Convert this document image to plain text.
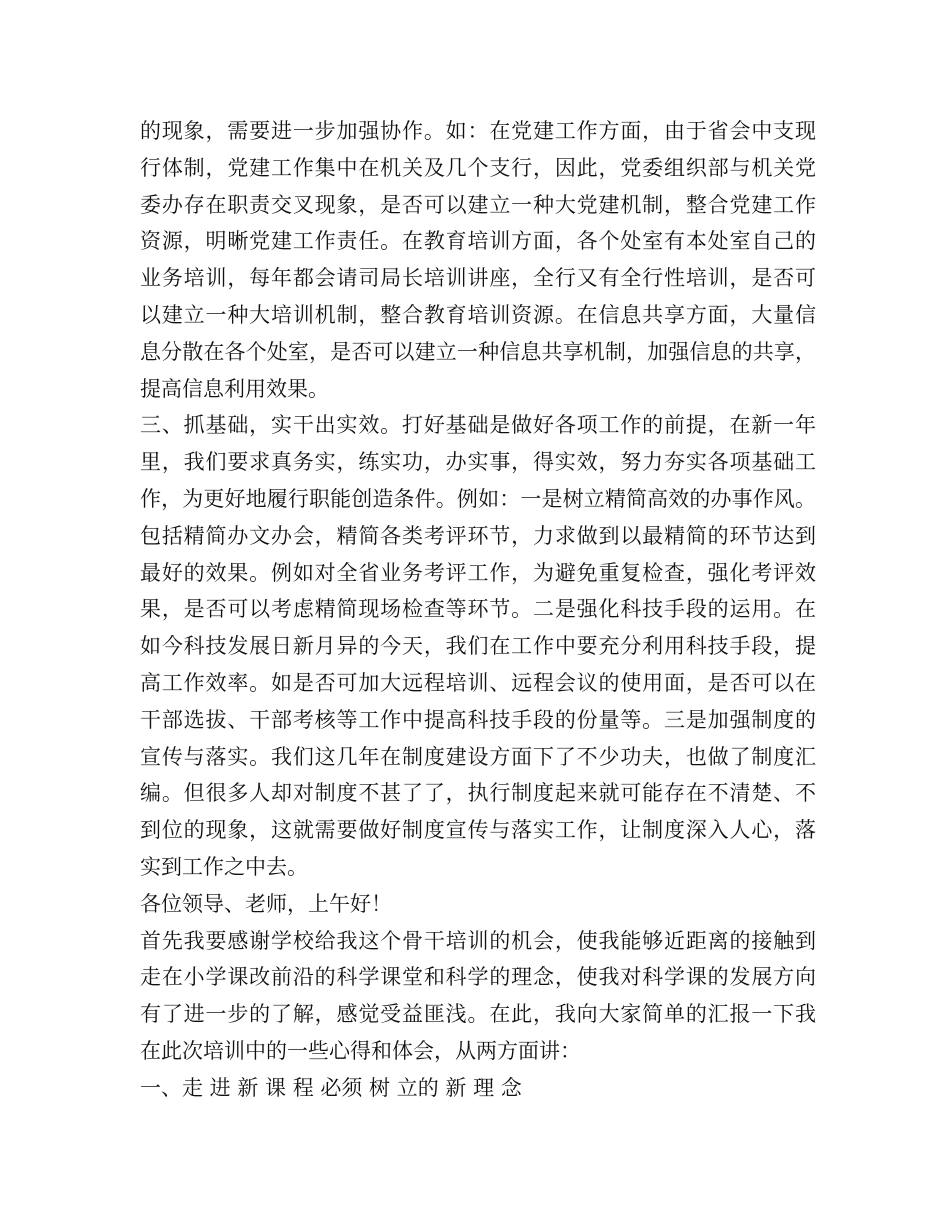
的现象，需要进一步加强协作。如：在党建工作方面，由于省会中支现
行体制，党建工作集中在机关及几个支行，因此，党委组织部与机关党
委办存在职责交叉现象，是否可以建立一种大党建机制，整合党建工作
资源，明晰党建工作责任。在教育培训方面，各个处室有本处室自己的
业务培训，每年都会请司局长培训讲座，全行又有全行性培训，是否可
以建立一种大培训机制，整合教育培训资源。在信息共享方面，大量信
息分散在各个处室，是否可以建立一种信息共享机制，加强信息的共享，
提高信息利用效果。
三、抓基础，实干出实效。打好基础是做好各项工作的前提，在新一年
里，我们要求真务实，练实功，办实事，得实效，努力夯实各项基础工
作，为更好地履行职能创造条件。例如：一是树立精简高效的办事作风。
包括精简办文办会，精简各类考评环节，力求做到以最精简的环节达到
最好的效果。例如对全省业务考评工作，为避免重复检查，强化考评效
果，是否可以考虑精简现场检查等环节。二是强化科技手段的运用。在
如今科技发展日新月异的今天，我们在工作中要充分利用科技手段，提
高工作效率。如是否可加大远程培训、远程会议的使用面，是否可以在
干部选拔、干部考核等工作中提高科技手段的份量等。三是加强制度的
宣传与落实。我们这几年在制度建设方面下了不少功夫，也做了制度汇
编。但很多人却对制度不甚了了，执行制度起来就可能存在不清楚、不
到位的现象，这就需要做好制度宣传与落实工作，让制度深入人心，落
实到工作之中去。
各位领导、老师，上午好！
首先我要感谢学校给我这个骨干培训的机会，使我能够近距离的接触到
走在小学课改前沿的科学课堂和科学的理念，使我对科学课的发展方向
有了进一步的了解，感觉受益匪浅。在此，我向大家简单的汇报一下我
在此次培训中的一些心得和体会，从两方面讲：
一、走 进 新 课 程 必须 树 立的 新 理 念
